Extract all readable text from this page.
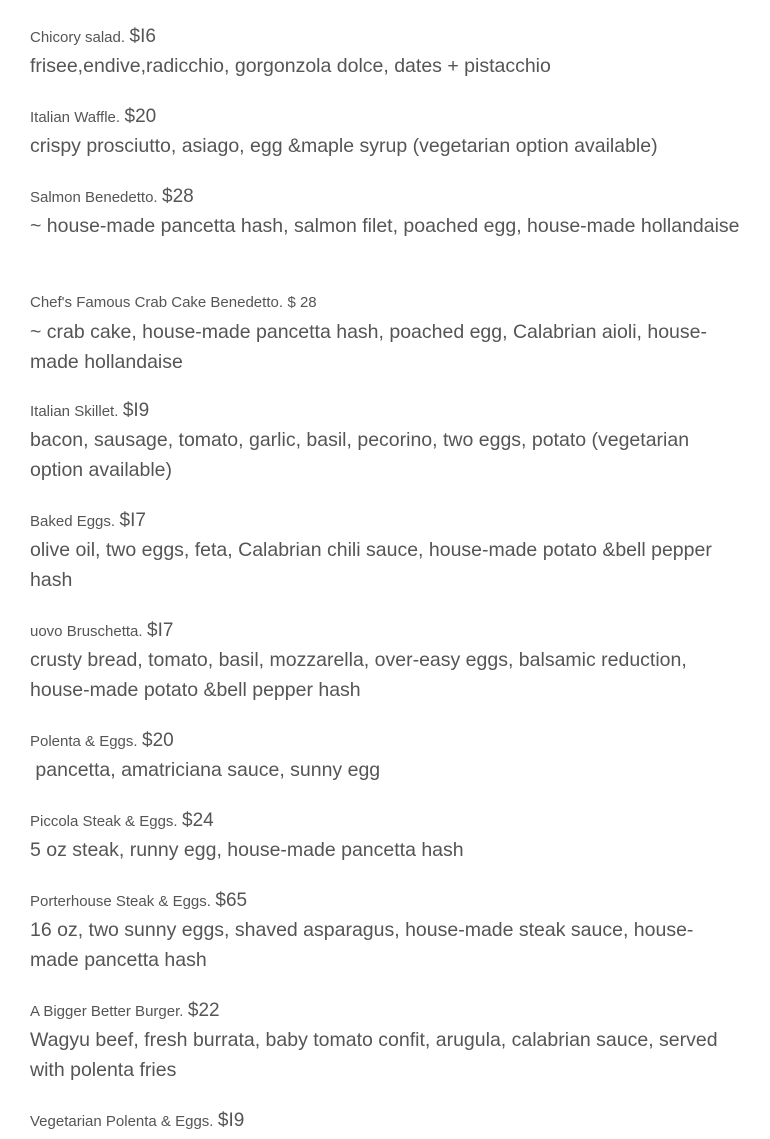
Chicory salad. $I6
frisee,endive,radicchio, gorgonzola dolce, dates + pistacchio
Italian Waffle. $20
crispy prosciutto, asiago, egg &maple syrup (vegetarian option available)
Salmon Benedetto. $28
~ house-made pancetta hash, salmon filet, poached egg, house-made hollandaise
Chef's Famous Crab Cake Benedetto. $ 28
~ crab cake, house-made pancetta hash, poached egg, Calabrian aioli, house-made hollandaise
Italian Skillet. $I9
bacon, sausage, tomato, garlic, basil, pecorino, two eggs, potato (vegetarian option available)
Baked Eggs. $I7
olive oil, two eggs, feta, Calabrian chili sauce, house-made potato &bell pepper hash
uovo Bruschetta. $I7
crusty bread, tomato, basil, mozzarella, over-easy eggs, balsamic reduction, house-made potato &bell pepper hash
Polenta & Eggs. $20
pancetta, amatriciana sauce, sunny egg
Piccola Steak & Eggs. $24
5 oz steak, runny egg, house-made pancetta hash
Porterhouse Steak & Eggs. $65
16 oz, two sunny eggs, shaved asparagus, house-made steak sauce, house-made pancetta hash
A Bigger Better Burger. $22
Wagyu beef, fresh burrata, baby tomato confit, arugula, calabrian sauce, served with polenta fries
Vegetarian Polenta & Eggs. $I9
